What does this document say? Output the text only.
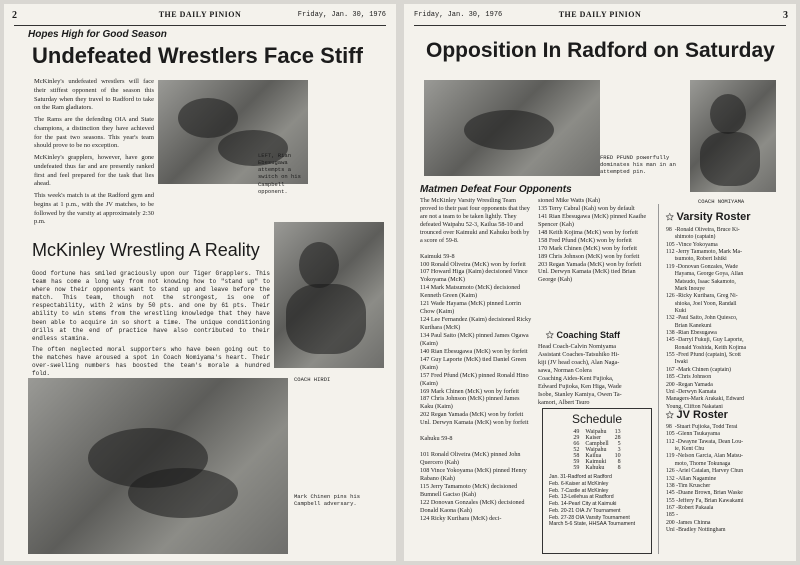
2	THE DAILY PINION	Friday, Jan. 30, 1976
Hopes High for Good Season
Undefeated Wrestlers Face Stiff

McKinley's undefeated wrestlers will face their stiffest opponent of the season this Saturday when they travel to Radford to take on the Ram gladiators.

The Rams are the defending OIA and State champions, a distinction they have achieved for the past two seasons. This year's team should prove to be no exception.

McKinley's grapplers, however, have gone undefeated thus far and are presently ranked first and feel prepared for the task that lies ahead.

This week's match is at the Radford gym and begins at 1 p.m., with the JV matches, to be followed by the varsity at approximately 2:30 p.m.

LEFT, Rian Ebesugawa attempts a switch on his Campbell opponent.
McKinley Wrestling A Reality
COACH HIRDI

Good fortune has smiled graciously upon our Tiger Grapplers. This team has come a long way from not knowing how to "stand up" to where now their opponents want to stand up and leave before the match. This team, though not the strongest, is one of respectability, with 2 wins by 50 pts. and one by 61 pts. Their ability to win stems from the wrestling knowledge that they have been able to acquire in so short a time. The unique conditioning drills at the end of practice have also contributed to their endless stamina.

The often neglected moral supporters who have been going out to the matches have aroused a spot in Coach Nomiyama's heart. Their over-swelling numbers has boosted the team's morale a hundred fold.

Mark Chinen pins his Campbell adversary.
Friday, Jan. 30, 1976	THE DAILY PINION	3
Opposition In Radford on Saturday
FRED PFUND powerfully dominates his man in an attempted pin.
COACH NOMIYAMA
Matmen Defeat Four Opponents
The McKinley Varsity Wrestling Team proved to their past four opponents that they are not a team to be taken lightly. They defeated Waipahu 52-3, Kailua 58-10 and trounced over Kaimuki and Kahuku both by a score of 59-8.

Kaimuki 59-8
100 Ronald Oliveira (McK) won by forfeit
107 Howard Higa (Kaim) decisioned Vince Yokoyama (McK)
114 Mark Matsumoto (McK) decisioned Kenneth Green (Kaim)
121 Wade Hayama (McK) pinned Lorrin Chow (Kaim)
124 Lee Fernandez (Kaim) decisioned Ricky Kurihara (McK)
134 Paul Saito (McK) pinned James Ogawa (Kaim)
140 Rian Ebesugawa (McK) won by forfeit
147 Guy Laporte (McK) tied Daniel Green (Kaim)
157 Fred Pfund (McK) pinned Ronald Hino (Kaim)
169 Mark Chinen (McK) won by forfeit
187 Chris Johnson (McK) pinned James Kaku (Kaim)
202 Regan Yamada (McK) won by forfeit
Unl. Derwyn Kamata (McK) won by forfeit

Kahuku 59-8

101 Ronald Oliveira (McK) pinned John Quercero (Kah)
108 Vince Yokoyama (McK) pinned Henry Rabano (Kah)
115 Jerry Tamamoto (McK) decisioned Bumnell Gaciso (Kah)
122 Donovan Gonzales (McK) decisioned Donald Kaona (Kah)
124 Ricky Kurihara (McK) deci-
sioned Mike Watts (Kah)
135 Terry Cabral (Kah) won by default
141 Rian Ebesugawa (McK) pinned Kaaihe Spencer (Kah)
148 Keith Kojima (McK) won by forfeit
158 Fred Pfund (McK) won by forfeit
170 Mark Chinen (McK) won by forfeit
189 Chris Johnson (McK) won by forfeit
203 Regan Yamada (McK) won by forfeit
Unl. Derwyn Kamata (McK) tied Brian George (Kah)
✩ Coaching Staff
Head Coach-Calvin Nomiyama
Assistant Coaches-Tatsuhiko Hi-
kiji (JV head coach), Alan Naga-
sawa, Norman Colera
Coaching Aides-Kent Fujioka,
Edward Fujioka, Ken Higa, Wade
Isobe, Stanley Kamiya, Owen Ta-
kamori, Albert Tsuro
Schedule
49	Waipahu	13
29	Kaiser	28
66	Campbell	5
52	Waipahu	3
58	Kailua	10
59	Kaimuki	8
59	Kahuku	8
Jan. 31-Radford at Radford
Feb. 6-Kaiser at McKinley
Feb. 7-Castle at McKinley
Feb. 13-Leilehua at Radford
Feb. 14-Pearl City at Kaimuki
Feb. 20-21 OIA JV Tournament
Feb. 27-28 OIA Varsity Tournament
March 5-6 State, HHSAA Tournament
✩ Varsity Roster
98  -Ronald Oliveira, Bruce Ki-
shimoto (captain)
105 -Vince Yokoyama
112 -Jerry Tamamoto, Mark Ma-
tsumoto, Robert Ishiki
119 -Donovan Gonzales, Wade
Hayama, George Goya, Allan
Matsudo, Isaac Sakamoto,
Mark Inouye
126 -Ricky Kurihara, Greg Ni-
shioka, Joel Yoon, Randall
Kuki
132 -Paul Saito, John Quiesco,
Brian Kanekuni
138 -Rian Ebesugawa
145 -Darryl Fukuji, Guy Laporte,
Ronald Yoshida, Keith Kojima
155 -Fred Pfund (captain), Scott
Iwaki
167 -Mark Chinen (captain)
185 -Chris Johnson
200 -Regan Yamada
Unl -Derwyn Kamata
Managers-Mark Arakaki, Edward
Young, Clifton Nakatani
✩ JV Roster
98  -Stuart Fujioka, Todd Terai
105 -Glenn Tsukayama
112 -Dwayne Tawata, Dean Lou-
ie, Kent Chu
119 -Nelson Garcia, Alan Matsu-
moto, Thorne Tokunaga
126 -Ariel Catalan, Harvey Chun
132 -Allan Nagamine
138 -Tim Kruscher
145 -Duane Brown, Brian Waske
155 -Jeffery Fa, Brian Kawakami
167 -Robert Pakaala
185 -
200 -James Chinna
Unl -Bradley Nottingham
